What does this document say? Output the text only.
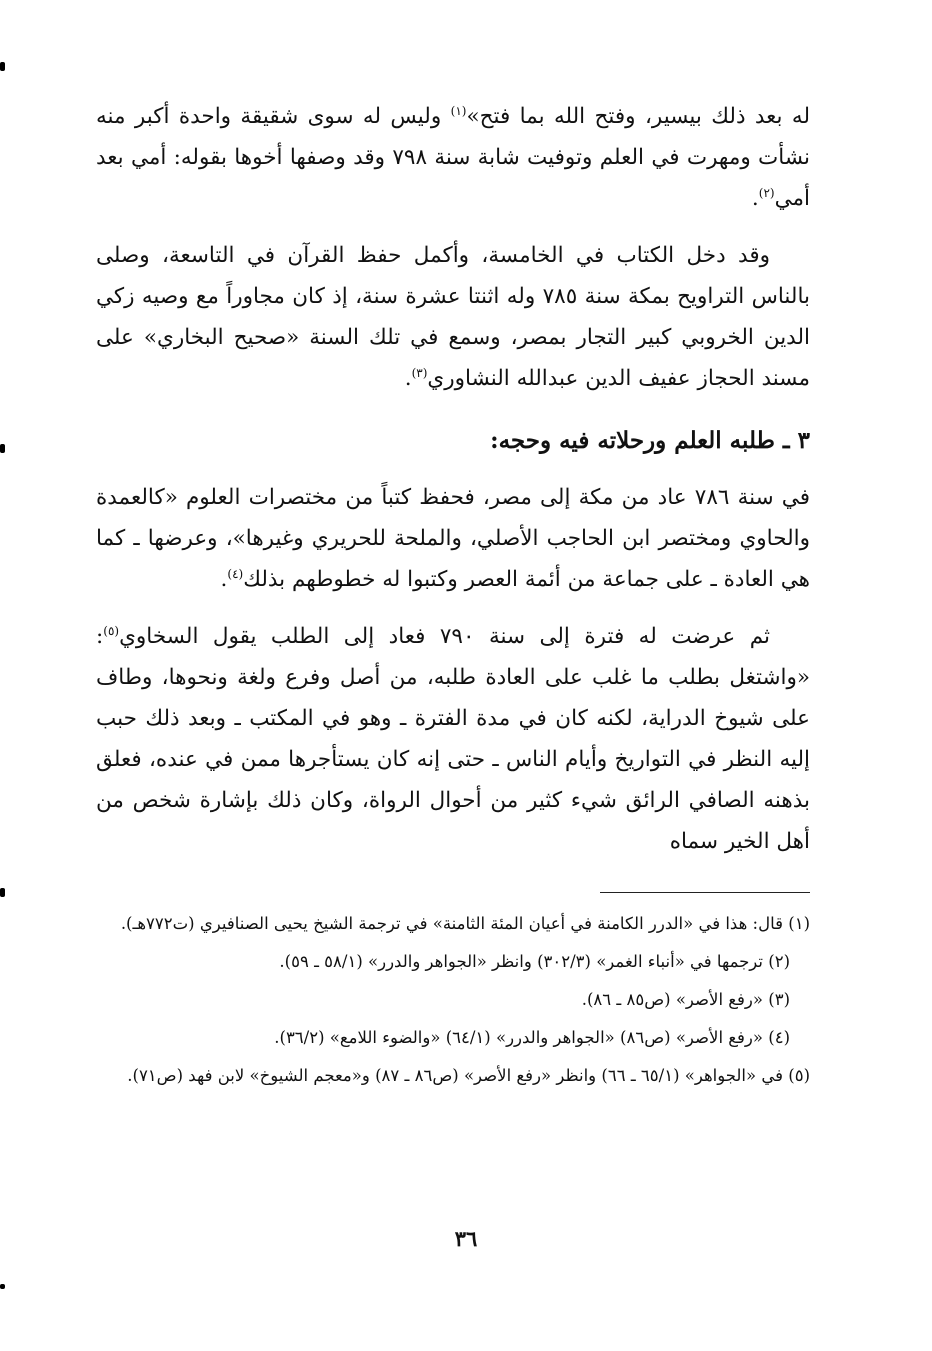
له بعد ذلك بيسير، وفتح الله بما فتح»$^{(١)}$ وليس له سوى شقيقة واحدة أكبر منه نشأت ومهرت في العلم وتوفيت شابة سنة ٧٩٨ وقد وصفها أخوها بقوله: أمي بعد أمي$^{(٢)}$.

وقد دخل الكتاب في الخامسة، وأكمل حفظ القرآن في التاسعة، وصلى بالناس التراويح بمكة سنة ٧٨٥ وله اثنتا عشرة سنة، إذ كان مجاوراً مع وصيه زكي الدين الخروبي كبير التجار بمصر، وسمع في تلك السنة «صحيح البخاري» على مسند الحجاز عفيف الدين عبدالله النشاوري$^{(٣)}$.

٣ ـ طلبه العلم ورحلاته فيه وحجه:

في سنة ٧٨٦ عاد من مكة إلى مصر، فحفظ كتباً من مختصرات العلوم «كالعمدة والحاوي ومختصر ابن الحاجب الأصلي، والملحة للحريري وغيرها»، وعرضها ـ كما هي العادة ـ على جماعة من أئمة العصر وكتبوا له خطوطهم بذلك$^{(٤)}$.

ثم عرضت له فترة إلى سنة ٧٩٠ فعاد إلى الطلب يقول السخاوي$^{(٥)}$: «واشتغل بطلب ما غلب على العادة طلبه، من أصل وفرع ولغة ونحوها، وطاف على شيوخ الدراية، لكنه كان في مدة الفترة ـ وهو في المكتب ـ وبعد ذلك حبب إليه النظر في التواريخ وأيام الناس ـ حتى إنه كان يستأجرها ممن في عنده، فعلق بذهنه الصافي الرائق شيء كثير من أحوال الرواة، وكان ذلك بإشارة شخص من أهل الخير سماه

(١) قال: هذا في «الدرر الكامنة في أعيان المئة الثامنة» في ترجمة الشيخ يحيى الصنافيري (ت٧٧٢هـ).

(٢) ترجمها في «أنباء الغمر» (٣٠٢/٣) وانظر «الجواهر والدرر» (٥٨/١ ـ ٥٩).

(٣) «رفع الأصر» (ص٨٥ ـ ٨٦).

(٤) «رفع الأصر» (ص٨٦) «الجواهر والدرر» (٦٤/١) «والضوء اللامع» (٣٦/٢).

(٥) في «الجواهر» (٦٥/١ ـ ٦٦) وانظر «رفع الأصر» (ص٨٦ ـ ٨٧) و«معجم الشيوخ» لابن فهد (ص٧١).

٣٦
